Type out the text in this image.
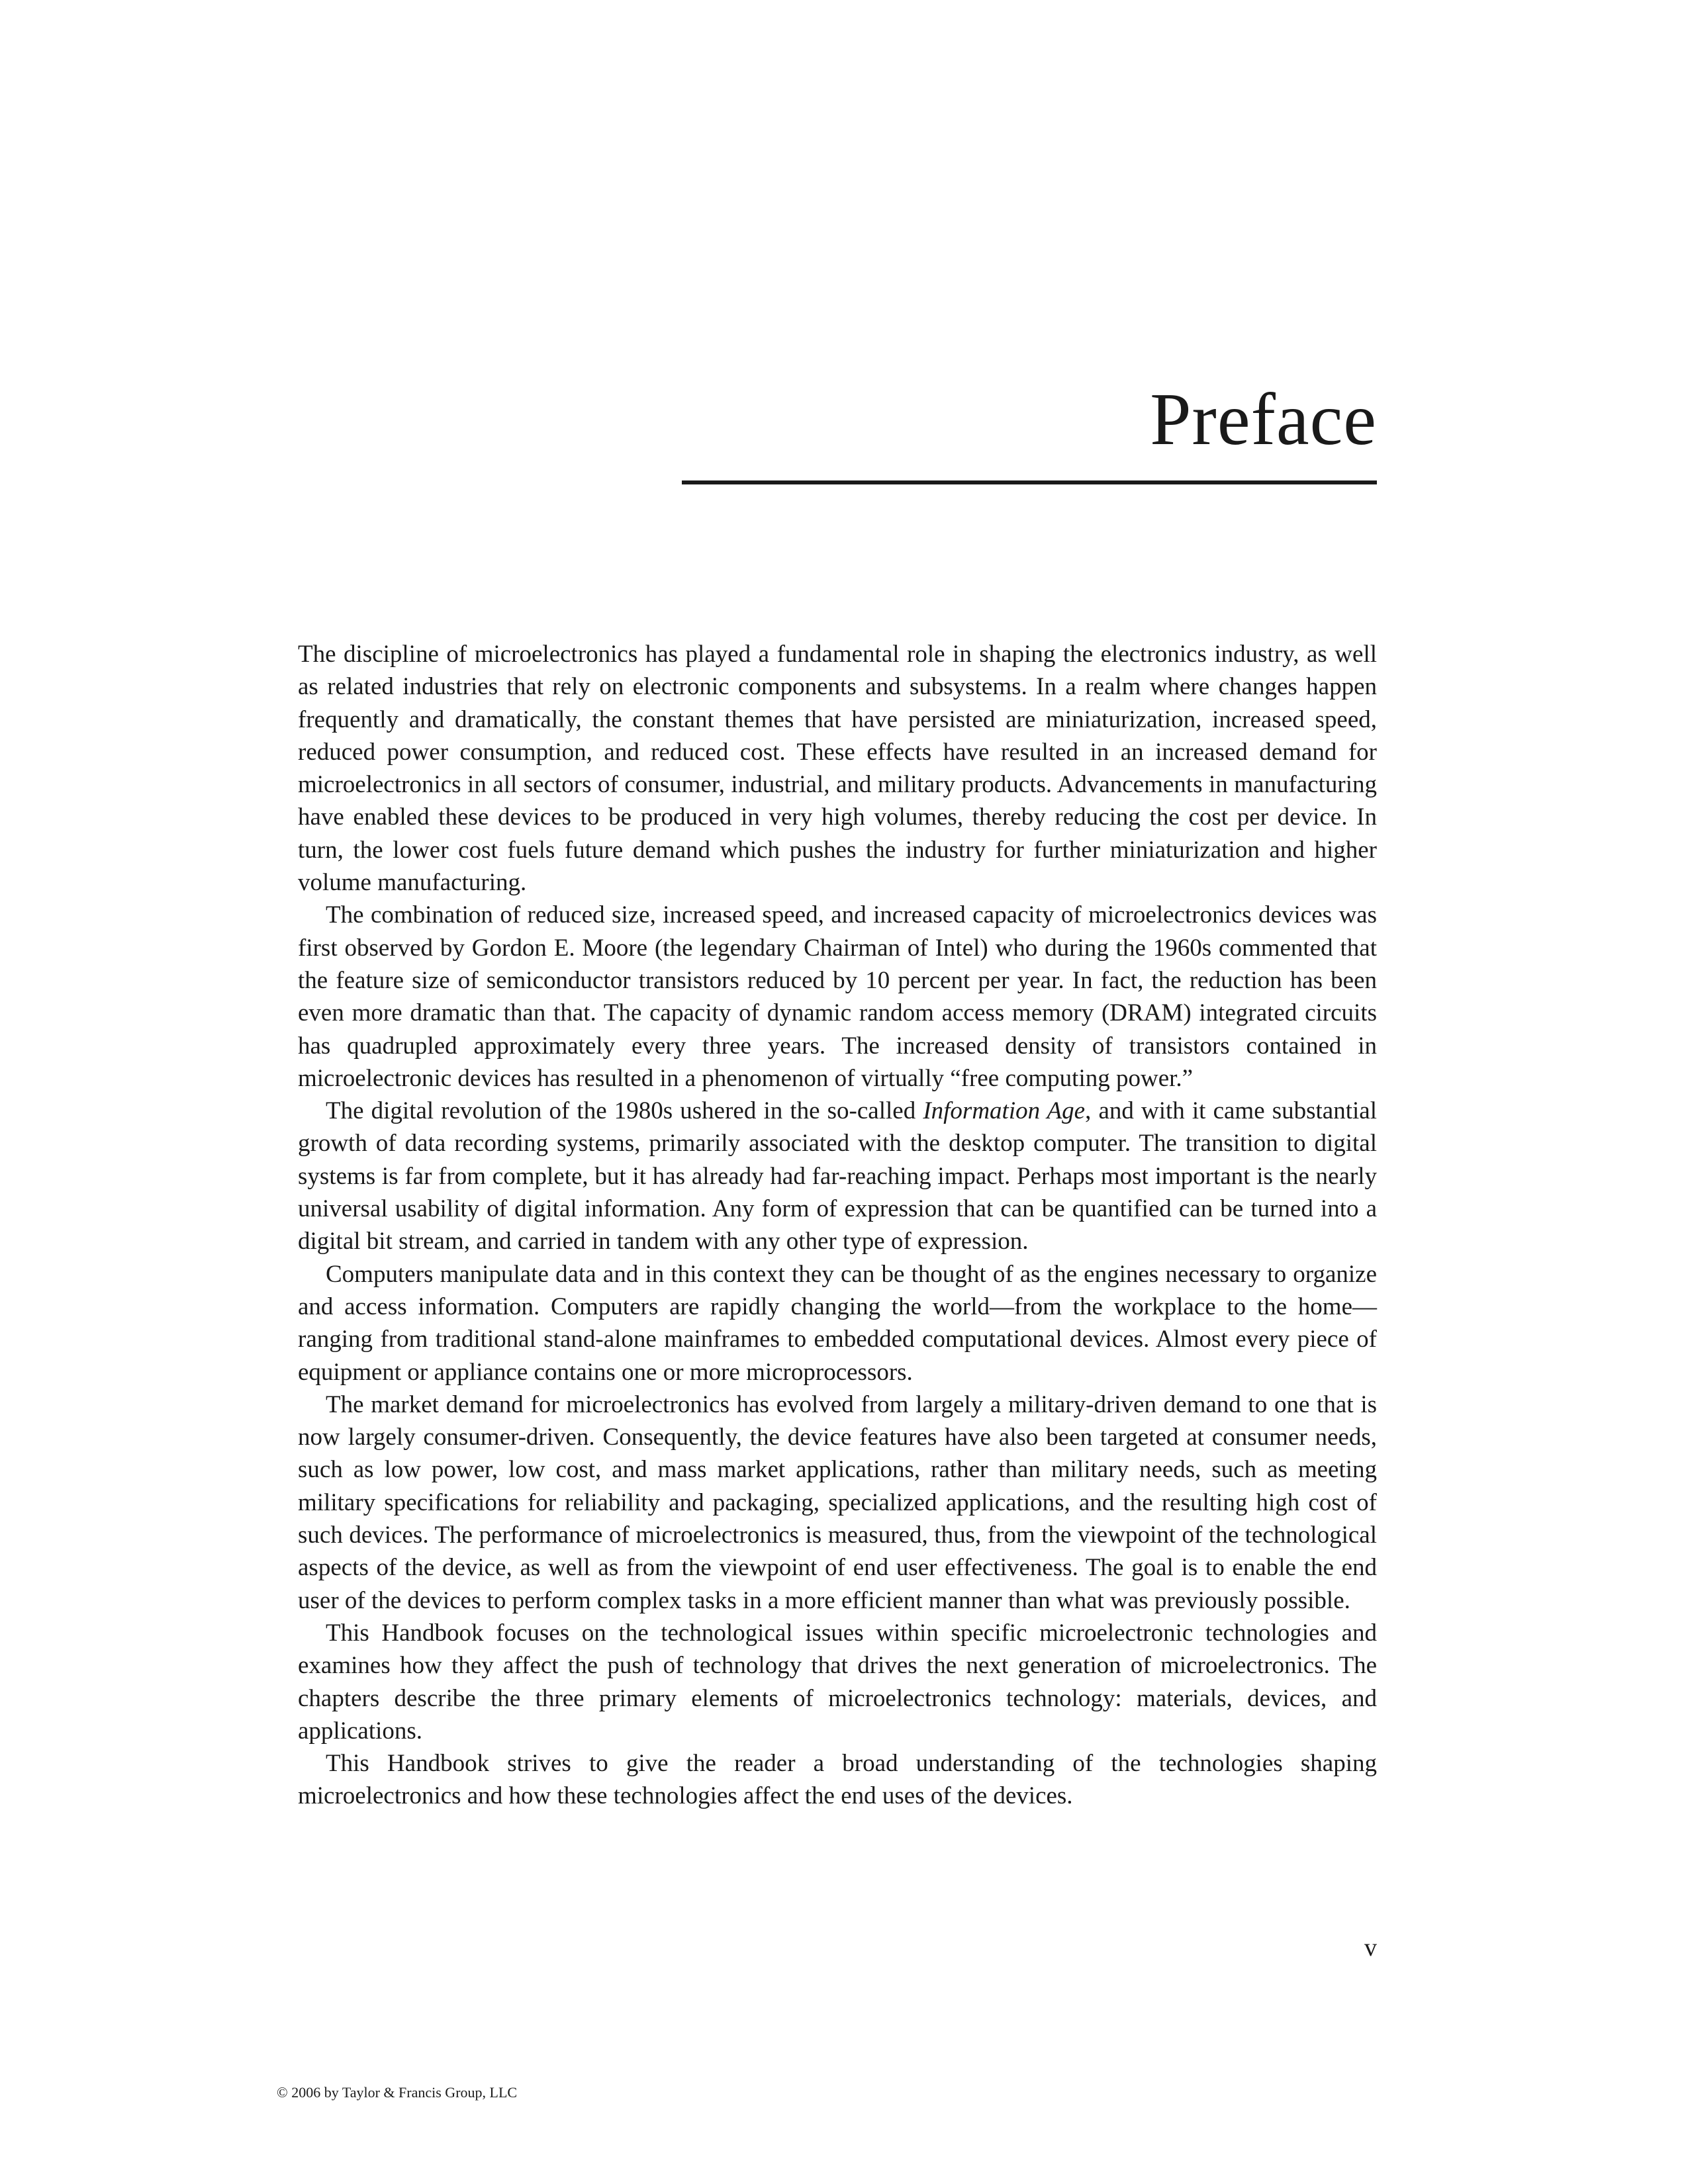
Preface

The discipline of microelectronics has played a fundamental role in shaping the electronics industry, as well as related industries that rely on electronic components and subsystems. In a realm where changes happen frequently and dramatically, the constant themes that have persisted are miniaturization, increased speed, reduced power consumption, and reduced cost. These effects have resulted in an increased demand for microelectronics in all sectors of consumer, industrial, and military products. Advancements in manufacturing have enabled these devices to be produced in very high volumes, thereby reducing the cost per device. In turn, the lower cost fuels future demand which pushes the industry for further miniaturization and higher volume manufacturing.

The combination of reduced size, increased speed, and increased capacity of microelectronics devices was first observed by Gordon E. Moore (the legendary Chairman of Intel) who during the 1960s commented that the feature size of semiconductor transistors reduced by 10 percent per year. In fact, the reduction has been even more dramatic than that. The capacity of dynamic random access memory (DRAM) integrated circuits has quadrupled approximately every three years. The increased density of transistors contained in microelectronic devices has resulted in a phenomenon of virtually “free computing power.”

The digital revolution of the 1980s ushered in the so-called Information Age, and with it came substantial growth of data recording systems, primarily associated with the desktop computer. The transition to digital systems is far from complete, but it has already had far-reaching impact. Perhaps most important is the nearly universal usability of digital information. Any form of expression that can be quantified can be turned into a digital bit stream, and carried in tandem with any other type of expression.

Computers manipulate data and in this context they can be thought of as the engines necessary to organize and access information. Computers are rapidly changing the world—from the workplace to the home—ranging from traditional stand-alone mainframes to embedded computational devices. Almost every piece of equipment or appliance contains one or more microprocessors.

The market demand for microelectronics has evolved from largely a military-driven demand to one that is now largely consumer-driven. Consequently, the device features have also been targeted at consumer needs, such as low power, low cost, and mass market applications, rather than military needs, such as meeting military specifications for reliability and packaging, specialized applications, and the resulting high cost of such devices. The performance of microelectronics is measured, thus, from the viewpoint of the technological aspects of the device, as well as from the viewpoint of end user effectiveness. The goal is to enable the end user of the devices to perform complex tasks in a more efficient manner than what was previously possible.

This Handbook focuses on the technological issues within specific microelectronic technologies and examines how they affect the push of technology that drives the next generation of microelectronics. The chapters describe the three primary elements of microelectronics technology: materials, devices, and applications.

This Handbook strives to give the reader a broad understanding of the technologies shaping microelectronics and how these technologies affect the end uses of the devices.

v
© 2006 by Taylor & Francis Group, LLC
